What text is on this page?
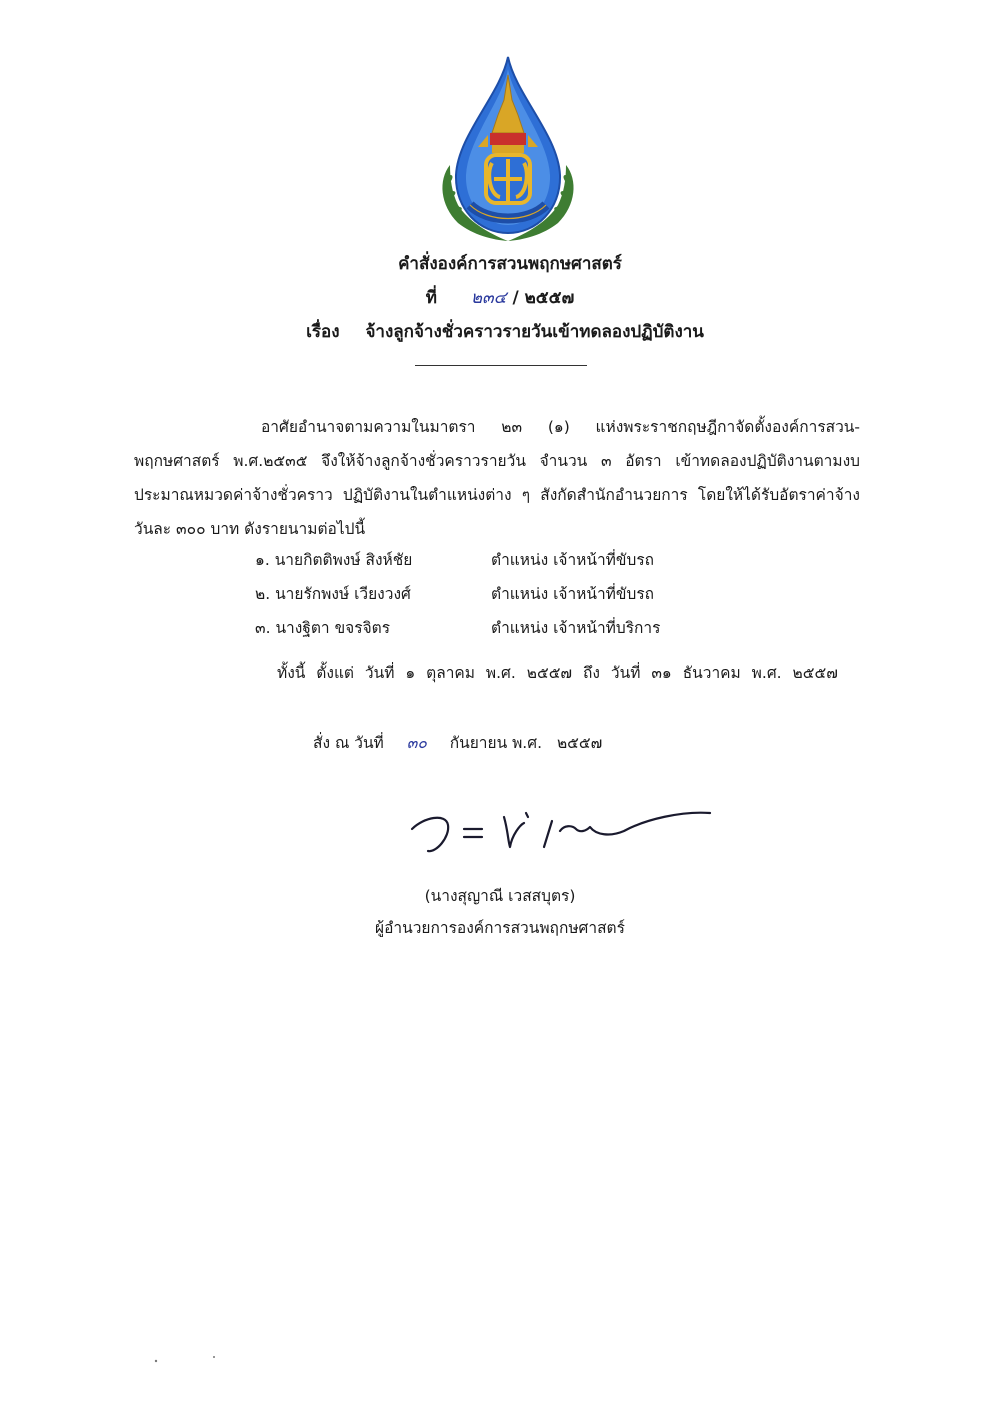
คำสั่งองค์การสวนพฤกษศาสตร์
ที่ ๒๓๔ / ๒๕๕๗
เรื่อง จ้างลูกจ้างชั่วคราวรายวันเข้าทดลองปฏิบัติงาน

อาศัยอำนาจตามความในมาตรา ๒๓ (๑) แห่งพระราชกฤษฎีกาจัดตั้งองค์การสวน-พฤกษศาสตร์ พ.ศ.๒๕๓๕ จึงให้จ้างลูกจ้างชั่วคราวรายวัน จำนวน ๓ อัตรา เข้าทดลองปฏิบัติงานตามงบประมาณหมวดค่าจ้างชั่วคราว ปฏิบัติงานในตำแหน่งต่าง ๆ สังกัดสำนักอำนวยการ โดยให้ได้รับอัตราค่าจ้าง วันละ ๓๐๐ บาท ดังรายนามต่อไปนี้

๑. นายกิตติพงษ์ สิงห์ชัย	ตำแหน่ง เจ้าหน้าที่ขับรถ
๒. นายรักพงษ์ เวียงวงศ์	ตำแหน่ง เจ้าหน้าที่ขับรถ
๓. นางฐิตา ขจรจิตร	ตำแหน่ง เจ้าหน้าที่บริการ
ทั้งนี้ ตั้งแต่ วันที่ ๑ ตุลาคม พ.ศ. ๒๕๕๗ ถึง วันที่ ๓๑ ธันวาคม พ.ศ. ๒๕๕๗
สั่ง ณ วันที่ ๓๐ กันยายน พ.ศ. ๒๕๕๗
(นางสุญาณี เวสสบุตร)
ผู้อำนวยการองค์การสวนพฤกษศาสตร์
